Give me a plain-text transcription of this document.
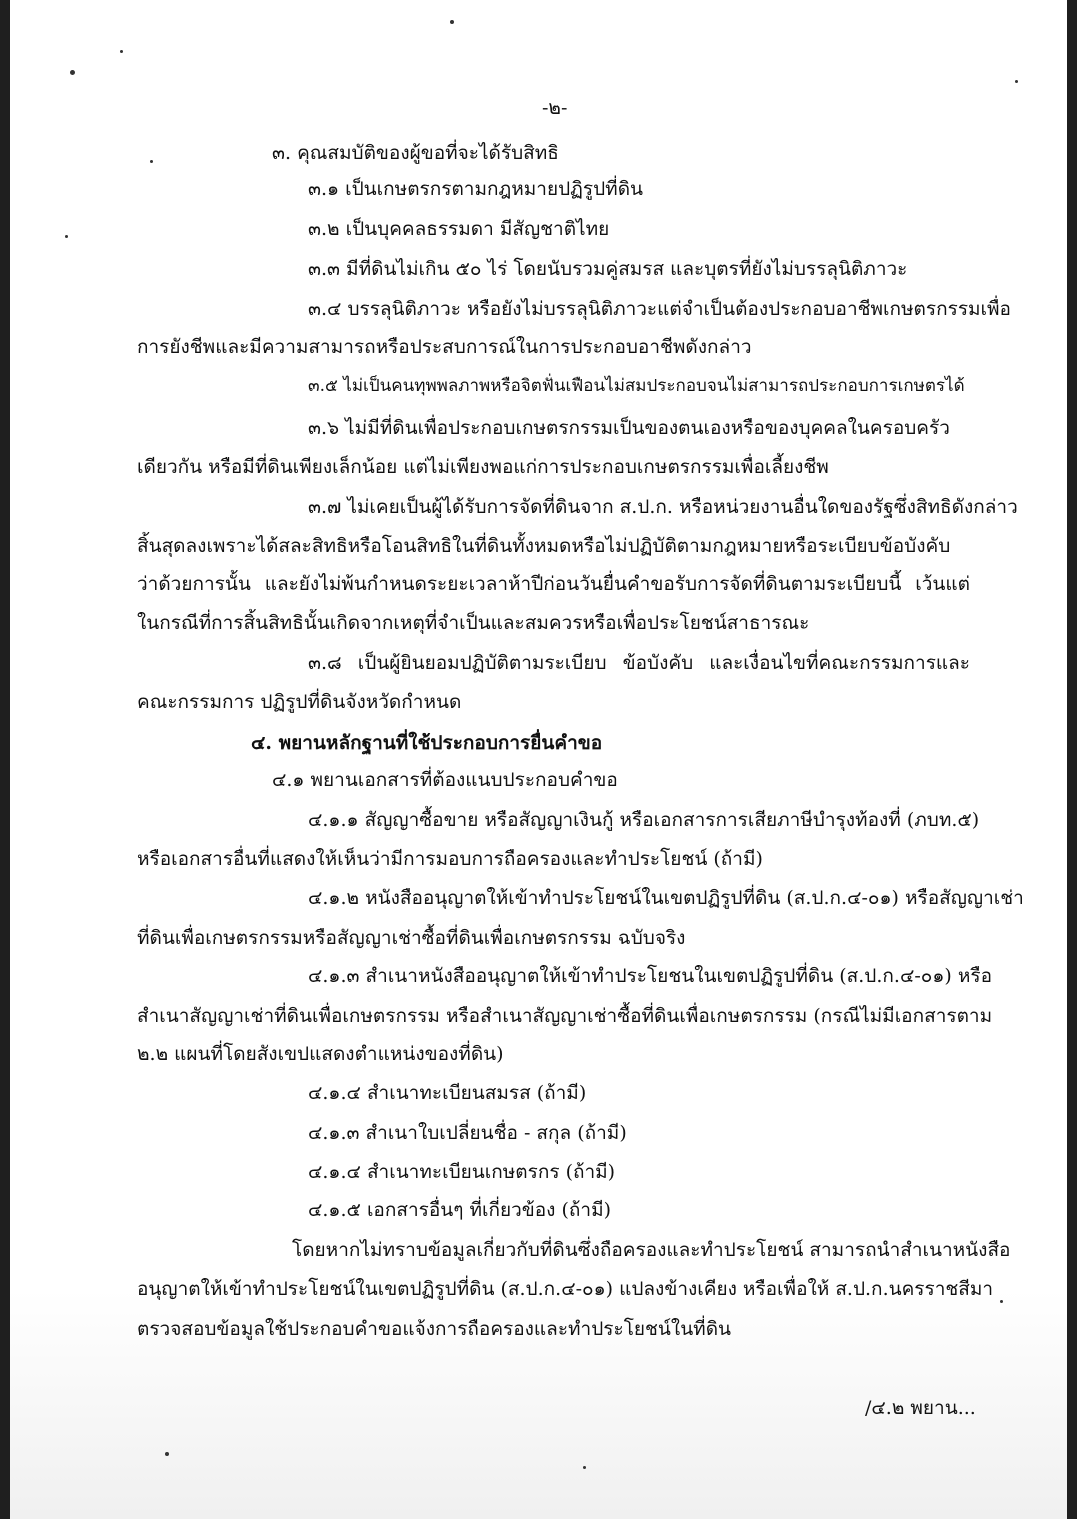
-๒-
๓. คุณสมบัติของผู้ขอที่จะได้รับสิทธิ
๓.๑ เป็นเกษตรกรตามกฎหมายปฏิรูปที่ดิน
๓.๒ เป็นบุคคลธรรมดา มีสัญชาติไทย
๓.๓ มีที่ดินไม่เกิน ๕๐ ไร่ โดยนับรวมคู่สมรส และบุตรที่ยังไม่บรรลุนิติภาวะ
๓.๔ บรรลุนิติภาวะ หรือยังไม่บรรลุนิติภาวะแต่จำเป็นต้องประกอบอาชีพเกษตรกรรมเพื่อ
การยังชีพและมีความสามารถหรือประสบการณ์ในการประกอบอาชีพดังกล่าว
๓.๕ ไม่เป็นคนทุพพลภาพหรือจิตฟั่นเฟือนไม่สมประกอบจนไม่สามารถประกอบการเกษตรได้
๓.๖ ไม่มีที่ดินเพื่อประกอบเกษตรกรรมเป็นของตนเองหรือของบุคคลในครอบครัว
เดียวกัน หรือมีที่ดินเพียงเล็กน้อย แต่ไม่เพียงพอแก่การประกอบเกษตรกรรมเพื่อเลี้ยงชีพ
๓.๗ ไม่เคยเป็นผู้ได้รับการจัดที่ดินจาก ส.ป.ก. หรือหน่วยงานอื่นใดของรัฐซึ่งสิทธิดังกล่าว
สิ้นสุดลงเพราะได้สละสิทธิหรือโอนสิทธิในที่ดินทั้งหมดหรือไม่ปฏิบัติตามกฎหมายหรือระเบียบข้อบังคับ
ว่าด้วยการนั้น และยังไม่พ้นกำหนดระยะเวลาห้าปีก่อนวันยื่นคำขอรับการจัดที่ดินตามระเบียบนี้ เว้นแต่
ในกรณีที่การสิ้นสิทธินั้นเกิดจากเหตุที่จำเป็นและสมควรหรือเพื่อประโยชน์สาธารณะ
๓.๘ เป็นผู้ยินยอมปฏิบัติตามระเบียบ ข้อบังคับ และเงื่อนไขที่คณะกรรมการและ
คณะกรรมการ ปฏิรูปที่ดินจังหวัดกำหนด
๔. พยานหลักฐานที่ใช้ประกอบการยื่นคำขอ
๔.๑ พยานเอกสารที่ต้องแนบประกอบคำขอ
๔.๑.๑ สัญญาซื้อขาย หรือสัญญาเงินกู้ หรือเอกสารการเสียภาษีบำรุงท้องที่ (ภบท.๕)
หรือเอกสารอื่นที่แสดงให้เห็นว่ามีการมอบการถือครองและทำประโยชน์ (ถ้ามี)
๔.๑.๒ หนังสืออนุญาตให้เข้าทำประโยชน์ในเขตปฏิรูปที่ดิน (ส.ป.ก.๔-๐๑) หรือสัญญาเช่า
ที่ดินเพื่อเกษตรกรรมหรือสัญญาเช่าซื้อที่ดินเพื่อเกษตรกรรม ฉบับจริง
๔.๑.๓ สำเนาหนังสืออนุญาตให้เข้าทำประโยชนในเขตปฏิรูปที่ดิน (ส.ป.ก.๔-๐๑) หรือ
สำเนาสัญญาเช่าที่ดินเพื่อเกษตรกรรม หรือสำเนาสัญญาเช่าซื้อที่ดินเพื่อเกษตรกรรม (กรณีไม่มีเอกสารตาม
๒.๒ แผนที่โดยสังเขปแสดงตำแหน่งของที่ดิน)
๔.๑.๔ สำเนาทะเบียนสมรส (ถ้ามี)
๔.๑.๓ สำเนาใบเปลี่ยนชื่อ - สกุล (ถ้ามี)
๔.๑.๔ สำเนาทะเบียนเกษตรกร (ถ้ามี)
๔.๑.๕ เอกสารอื่นๆ ที่เกี่ยวข้อง (ถ้ามี)
โดยหากไม่ทราบข้อมูลเกี่ยวกับที่ดินซึ่งถือครองและทำประโยชน์ สามารถนำสำเนาหนังสือ
อนุญาตให้เข้าทำประโยชน์ในเขตปฏิรูปที่ดิน (ส.ป.ก.๔-๐๑) แปลงข้างเคียง หรือเพื่อให้ ส.ป.ก.นครราชสีมา
ตรวจสอบข้อมูลใช้ประกอบคำขอแจ้งการถือครองและทำประโยชน์ในที่ดิน
/๔.๒ พยาน...
